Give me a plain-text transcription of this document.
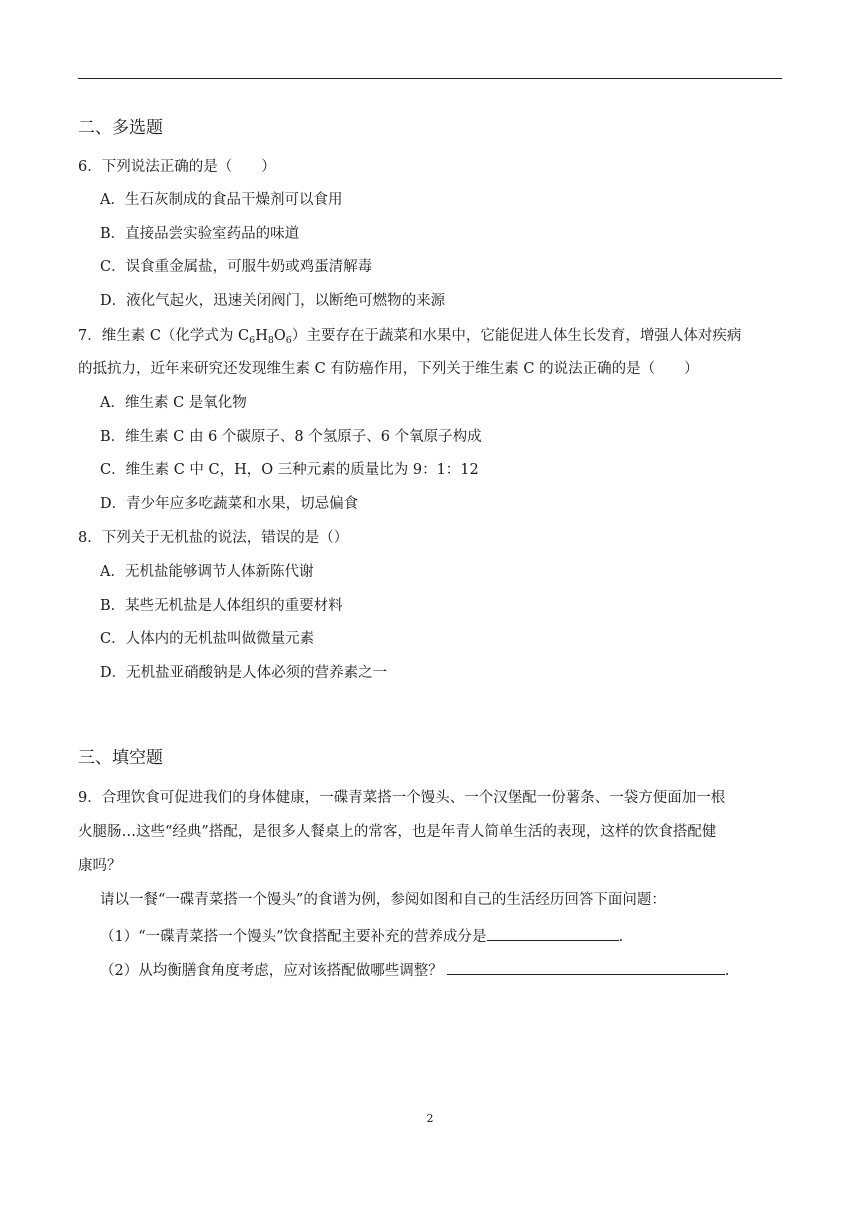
二、多选题
6．下列说法正确的是（　　）
A．生石灰制成的食品干燥剂可以食用
B．直接品尝实验室药品的味道
C．误食重金属盐，可服牛奶或鸡蛋清解毒
D．液化气起火，迅速关闭阀门，以断绝可燃物的来源
7．维生素 C（化学式为 $C_6H_8O_6$）主要存在于蔬菜和水果中，它能促进人体生长发育，增强人体对疾病
的抵抗力，近年来研究还发现维生素 C 有防癌作用，下列关于维生素 C 的说法正确的是（　　）
A．维生素 C 是氧化物
B．维生素 C 由 6 个碳原子、8 个氢原子、6 个氧原子构成
C．维生素 C 中 C，H，O 三种元素的质量比为 9：1：12
D．青少年应多吃蔬菜和水果，切忌偏食
8．下列关于无机盐的说法，错误的是（）
A．无机盐能够调节人体新陈代谢
B．某些无机盐是人体组织的重要材料
C．人体内的无机盐叫做微量元素
D．无机盐亚硝酸钠是人体必须的营养素之一
三、填空题
9．合理饮食可促进我们的身体健康，一碟青菜搭一个馒头、一个汉堡配一份薯条、一袋方便面加一根
火腿肠…这些“经典”搭配，是很多人餐桌上的常客，也是年青人简单生活的表现，这样的饮食搭配健
康吗？
请以一餐“一碟青菜搭一个馒头”的食谱为例，参阅如图和自己的生活经历回答下面问题：
（1）“一碟青菜搭一个馒头”饮食搭配主要补充的营养成分是	.
（2）从均衡膳食角度考虑，应对该搭配做哪些调整？	.
2
